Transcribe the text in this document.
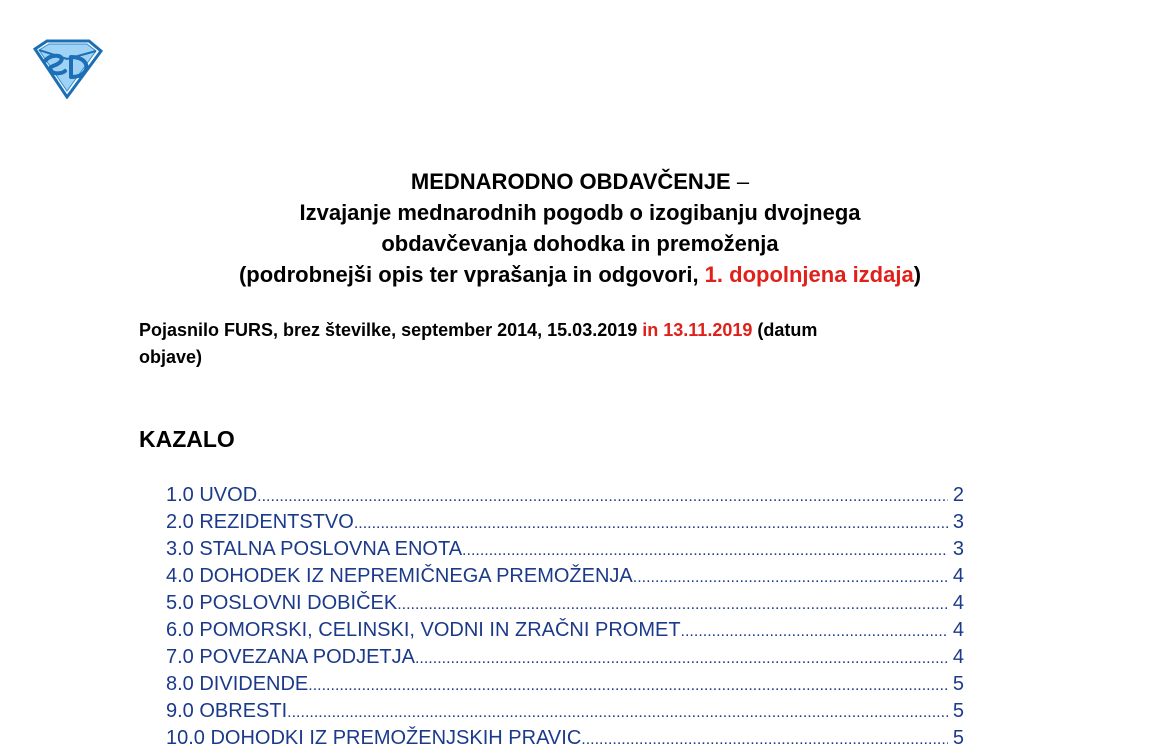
MEDNARODNO OBDAVČENJE –
Izvajanje mednarodnih pogodb o izogibanju dvojnega
obdavčevanja dohodka in premoženja
(podrobnejši opis ter vprašanja in odgovori, 1. dopolnjena izdaja)
Pojasnilo FURS, brez številke, september 2014, 15.03.2019 in 13.11.2019 (datum
objave)
KAZALO
1.0 UVOD .....	2
2.0 REZIDENTSTVO .....	3
3.0 STALNA POSLOVNA ENOTA .....	3
4.0 DOHODEK IZ NEPREMIČNEGA PREMOŽENJA .....	4
5.0 POSLOVNI DOBIČEK .....	4
6.0 POMORSKI, CELINSKI, VODNI IN ZRAČNI PROMET .....	4
7.0 POVEZANA PODJETJA .....	4
8.0 DIVIDENDE .....	5
9.0 OBRESTI .....	5
10.0 DOHODKI IZ PREMOŽENJSKIH PRAVIC .....	5
